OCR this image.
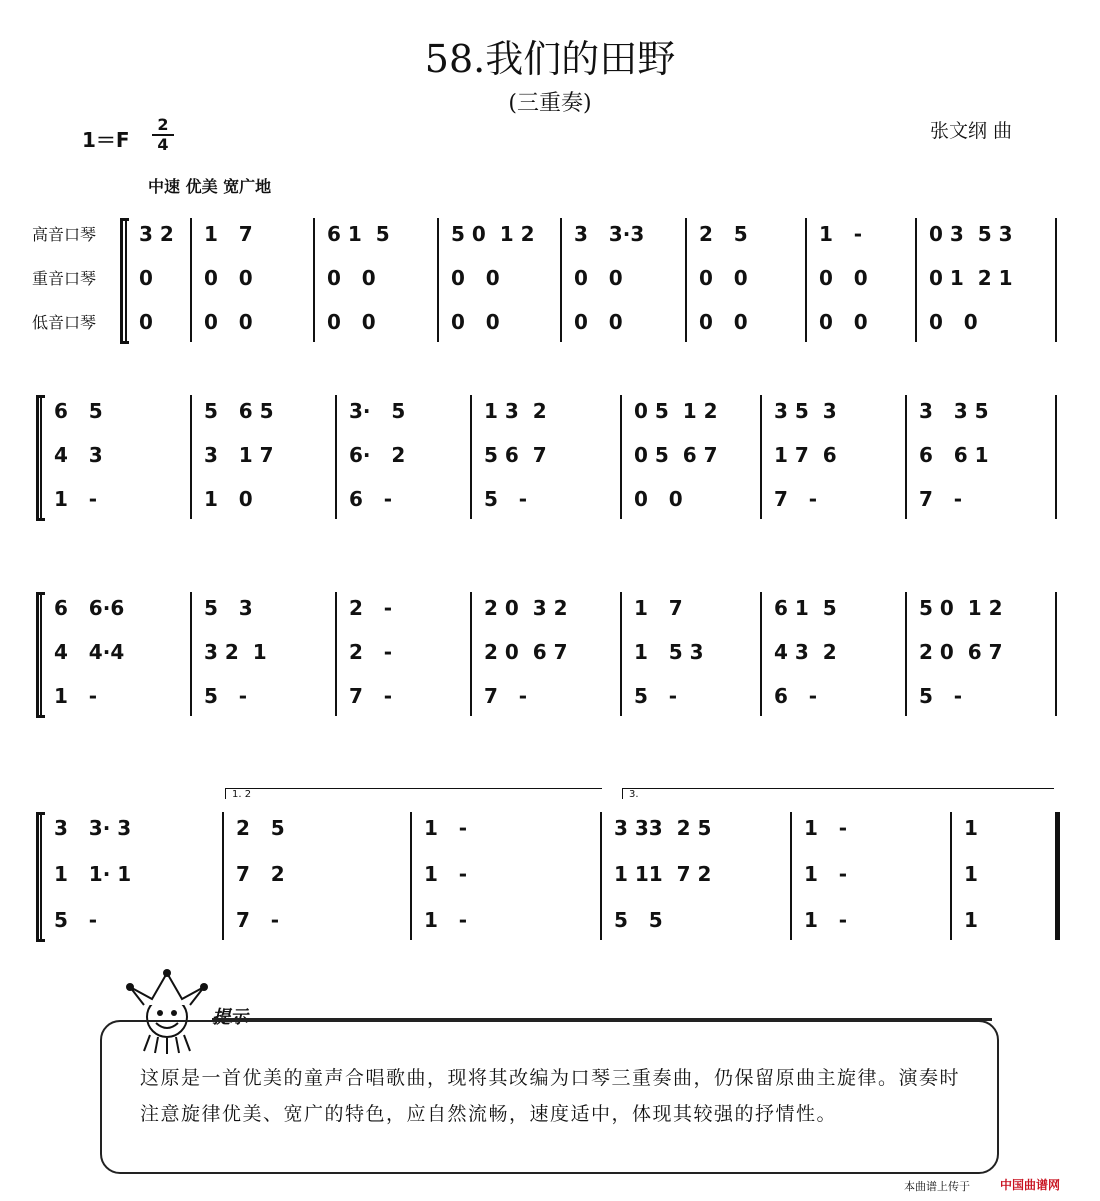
58.我们的田野
(三重奏)
张文纲 曲
1＝F
2
4
中速 优美 宽广地
高音口琴	3 2 1   7	6 1  5	5 0  1 2 3   3·3	2   5	1   -	0 3  5 3
重音口琴	0	0   0	0   0	0   0	0   0	0   0	0   0	0 1  2 1
低音口琴	0	0   0	0   0	0   0	0   0	0   0	0   0	0   0
6   5	5   6 5	3·   5	1 3  2	0 5  1 2	3 5  3	3   3 5
4   3	3   1 7	6·   2	5 6  7	0 5  6 7	1 7  6	6   6 1
1   -	1   0	6   -	5   -	0   0	7   -	7   -
6   6·6	5   3	2   -	2 0  3 2	1   7	6 1  5	5 0  1 2
4   4·4	3 2  1	2   -	2 0  6 7	1   5 3	4 3  2	2 0  6 7
1   -	5   -	7   -	7   -	5   -	6   -	5   -
1. 2	3.
3   3· 3	2   5	1   -	3 33  2 5	1   -	1
1   1· 1	7   2	1   -	1 11  7 2	1   -	1
5   -	7   -	1   -	5   5	1   -	1
提示
这原是一首优美的童声合唱歌曲，现将其改编为口琴三重奏曲，仍保留原曲主旋律。演奏时注意旋律优美、宽广的特色，应自然流畅，速度适中，体现其较强的抒情性。
本曲谱上传于	中国曲谱网
